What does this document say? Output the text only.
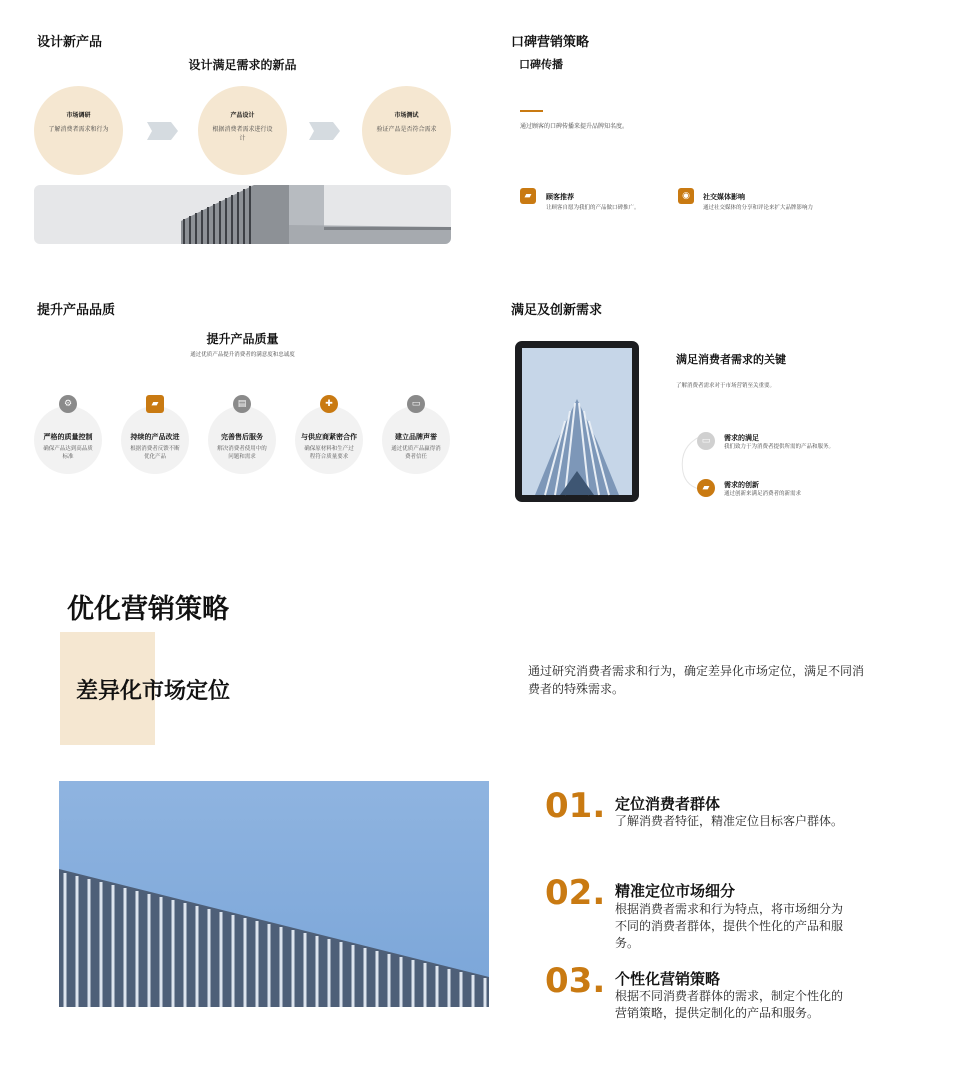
设计新产品
设计满足需求的新品
市场调研
了解消费者需求和行为
产品设计
根据消费者需求进行设计
市场测试
验证产品是否符合需求
口碑营销策略
口碑传播
通过顾客的口碑传播来提升品牌知名度。
▰	顾客推荐
让顾客自愿为我们的产品做口碑推广。
◉	社交媒体影响
通过社交媒体的分享和评论来扩大品牌影响力
提升产品品质
提升产品质量
通过优质产品提升消费者的满意度和忠诚度
严格的质量控制
确保产品达到高品质标准
⚙
持续的产品改进
根据消费者反馈不断优化产品
▰
完善售后服务
解决消费者使用中的问题和需求
▤
与供应商紧密合作
确保原材料和生产过程符合质量要求
✚
建立品牌声誉
通过优质产品赢得消费者信任
▭
满足及创新需求
满足消费者需求的关键
了解消费者需求对于市场营销至关重要。
▭	需求的满足
我们致力于为消费者提供所需的产品和服务。
▰	需求的创新
通过创新来满足消费者的新需求
优化营销策略
差异化市场定位
通过研究消费者需求和行为，确定差异化市场定位，满足不同消费者的特殊需求。
01. 定位消费者群体
了解消费者特征，精准定位目标客户群体。
02. 精准定位市场细分
根据消费者需求和行为特点，将市场细分为不同的消费者群体，提供个性化的产品和服务。
03. 个性化营销策略
根据不同消费者群体的需求，制定个性化的营销策略，提供定制化的产品和服务。
